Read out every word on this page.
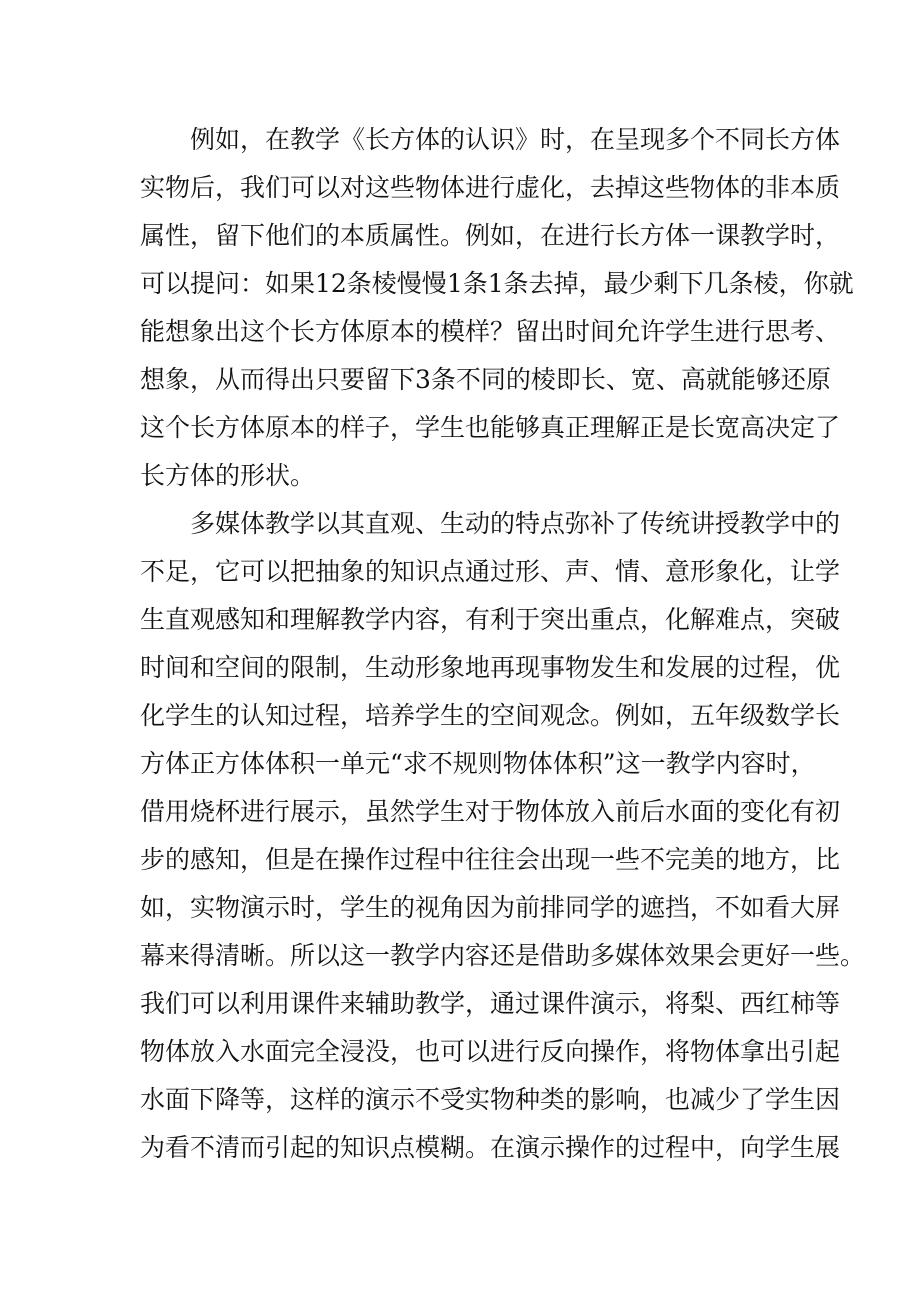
例如，在教学《长方体的认识》时，在呈现多个不同长方体
实物后，我们可以对这些物体进行虚化，去掉这些物体的非本质
属性，留下他们的本质属性。例如，在进行长方体一课教学时，
可以提问：如果12条棱慢慢1条1条去掉，最少剩下几条棱，你就
能想象出这个长方体原本的模样？留出时间允许学生进行思考、
想象，从而得出只要留下3条不同的棱即长、宽、高就能够还原
这个长方体原本的样子，学生也能够真正理解正是长宽高决定了
长方体的形状。
多媒体教学以其直观、生动的特点弥补了传统讲授教学中的
不足，它可以把抽象的知识点通过形、声、情、意形象化，让学
生直观感知和理解教学内容，有利于突出重点，化解难点，突破
时间和空间的限制，生动形象地再现事物发生和发展的过程，优
化学生的认知过程，培养学生的空间观念。例如，五年级数学长
方体正方体体积一单元“求不规则物体体积”这一教学内容时，
借用烧杯进行展示，虽然学生对于物体放入前后水面的变化有初
步的感知，但是在操作过程中往往会出现一些不完美的地方，比
如，实物演示时，学生的视角因为前排同学的遮挡，不如看大屏
幕来得清晰。所以这一教学内容还是借助多媒体效果会更好一些。
我们可以利用课件来辅助教学，通过课件演示，将梨、西红柿等
物体放入水面完全浸没，也可以进行反向操作，将物体拿出引起
水面下降等，这样的演示不受实物种类的影响，也减少了学生因
为看不清而引起的知识点模糊。在演示操作的过程中，向学生展
